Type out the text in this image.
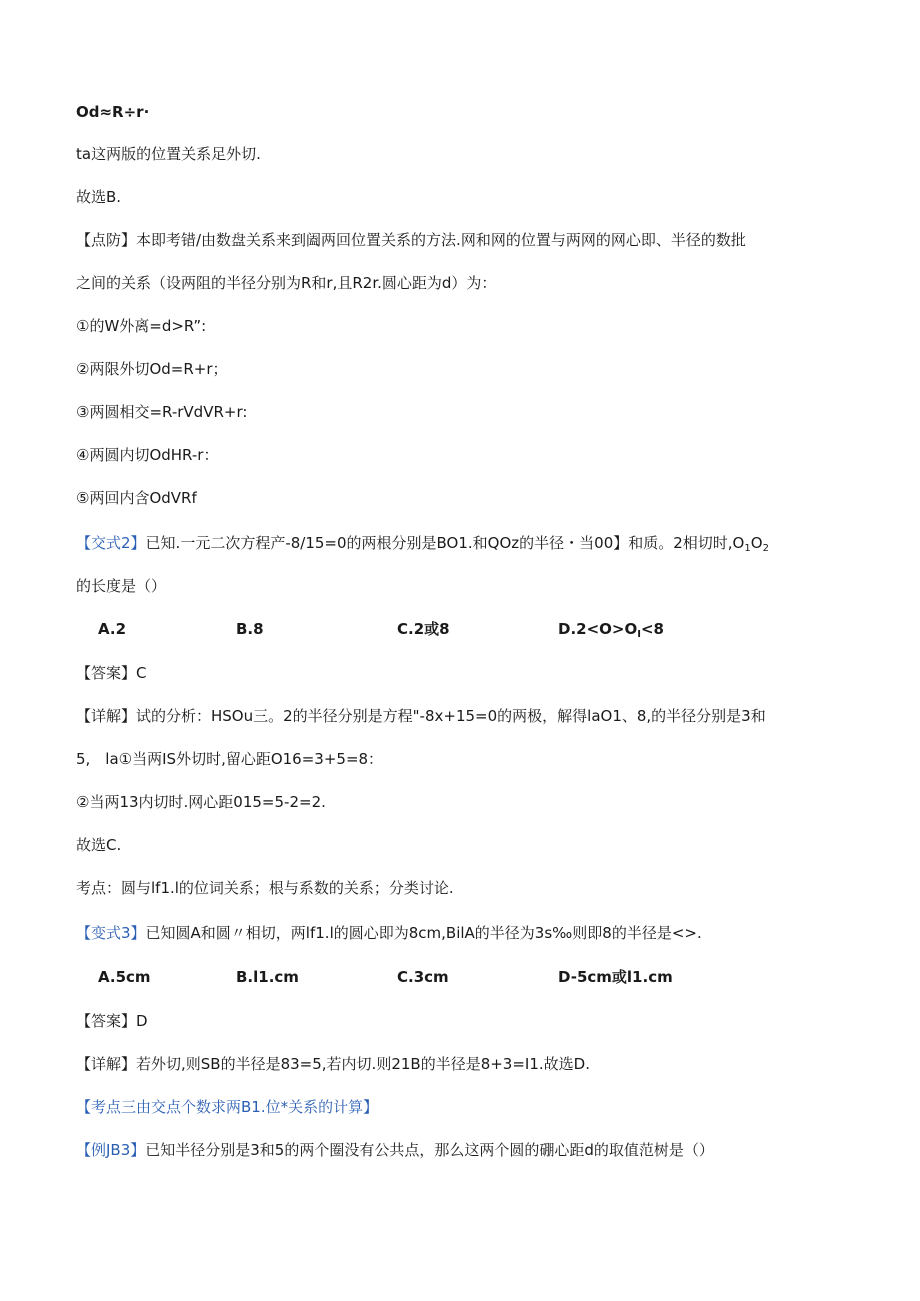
Od≈R÷r·
ta这两版的位置关系足外切.
故选B.
【点防】本即考错/由数盘关系来到阖两回位置关系的方法.网和网的位置与两网的网心即、半径的数批
之间的关系（设两阻的半径分别为R和r,且R2r.圆心距为d）为：
①的W外离=d>R”:
②两限外切Od=R+r；
③两圆相交=R-rVdVR+r:
④两圆内切OdHR-r：
⑤两回内含OdVRf
【交式2】已知.一元二次方程产-8/15=0的两根分别是BO1.和QOz的半径・当00】和质。2相切时$,O_1O_2$
的长度是（）
A.2	B.8	C.2或8	$D.2<O>O_I<8$
【答案】C
【详解】试的分析：HSOu三。2的半径分别是方程"-8x+15=0的两极，解得laO1、8,的半径分别是3和
5,　la①当两IS外切时,留心距O16=3+5=8：
②当两13内切时.网心距015=5-2=2.
故选C.
考点：圆与lf1.l的位词关系；根与系数的关系；分类讨论.
【变式3】已知圆A和圆〃相切，两lf1.l的圆心即为8cm,BilA的半径为3s‰则即8的半径是<>.
A.5cm	B.l1.cm	C.3cm	D-5cm或l1.cm
【答案】D
【详解】若外切,则SB的半径是83=5,若内切.则21B的半径是8+3=I1.故选D.
【考点三由交点个数求两B1.位*关系的计算】
【例JB3】已知半径分别是3和5的两个圈没有公共点，那么这两个圆的硼心距d的取值范树是（）
